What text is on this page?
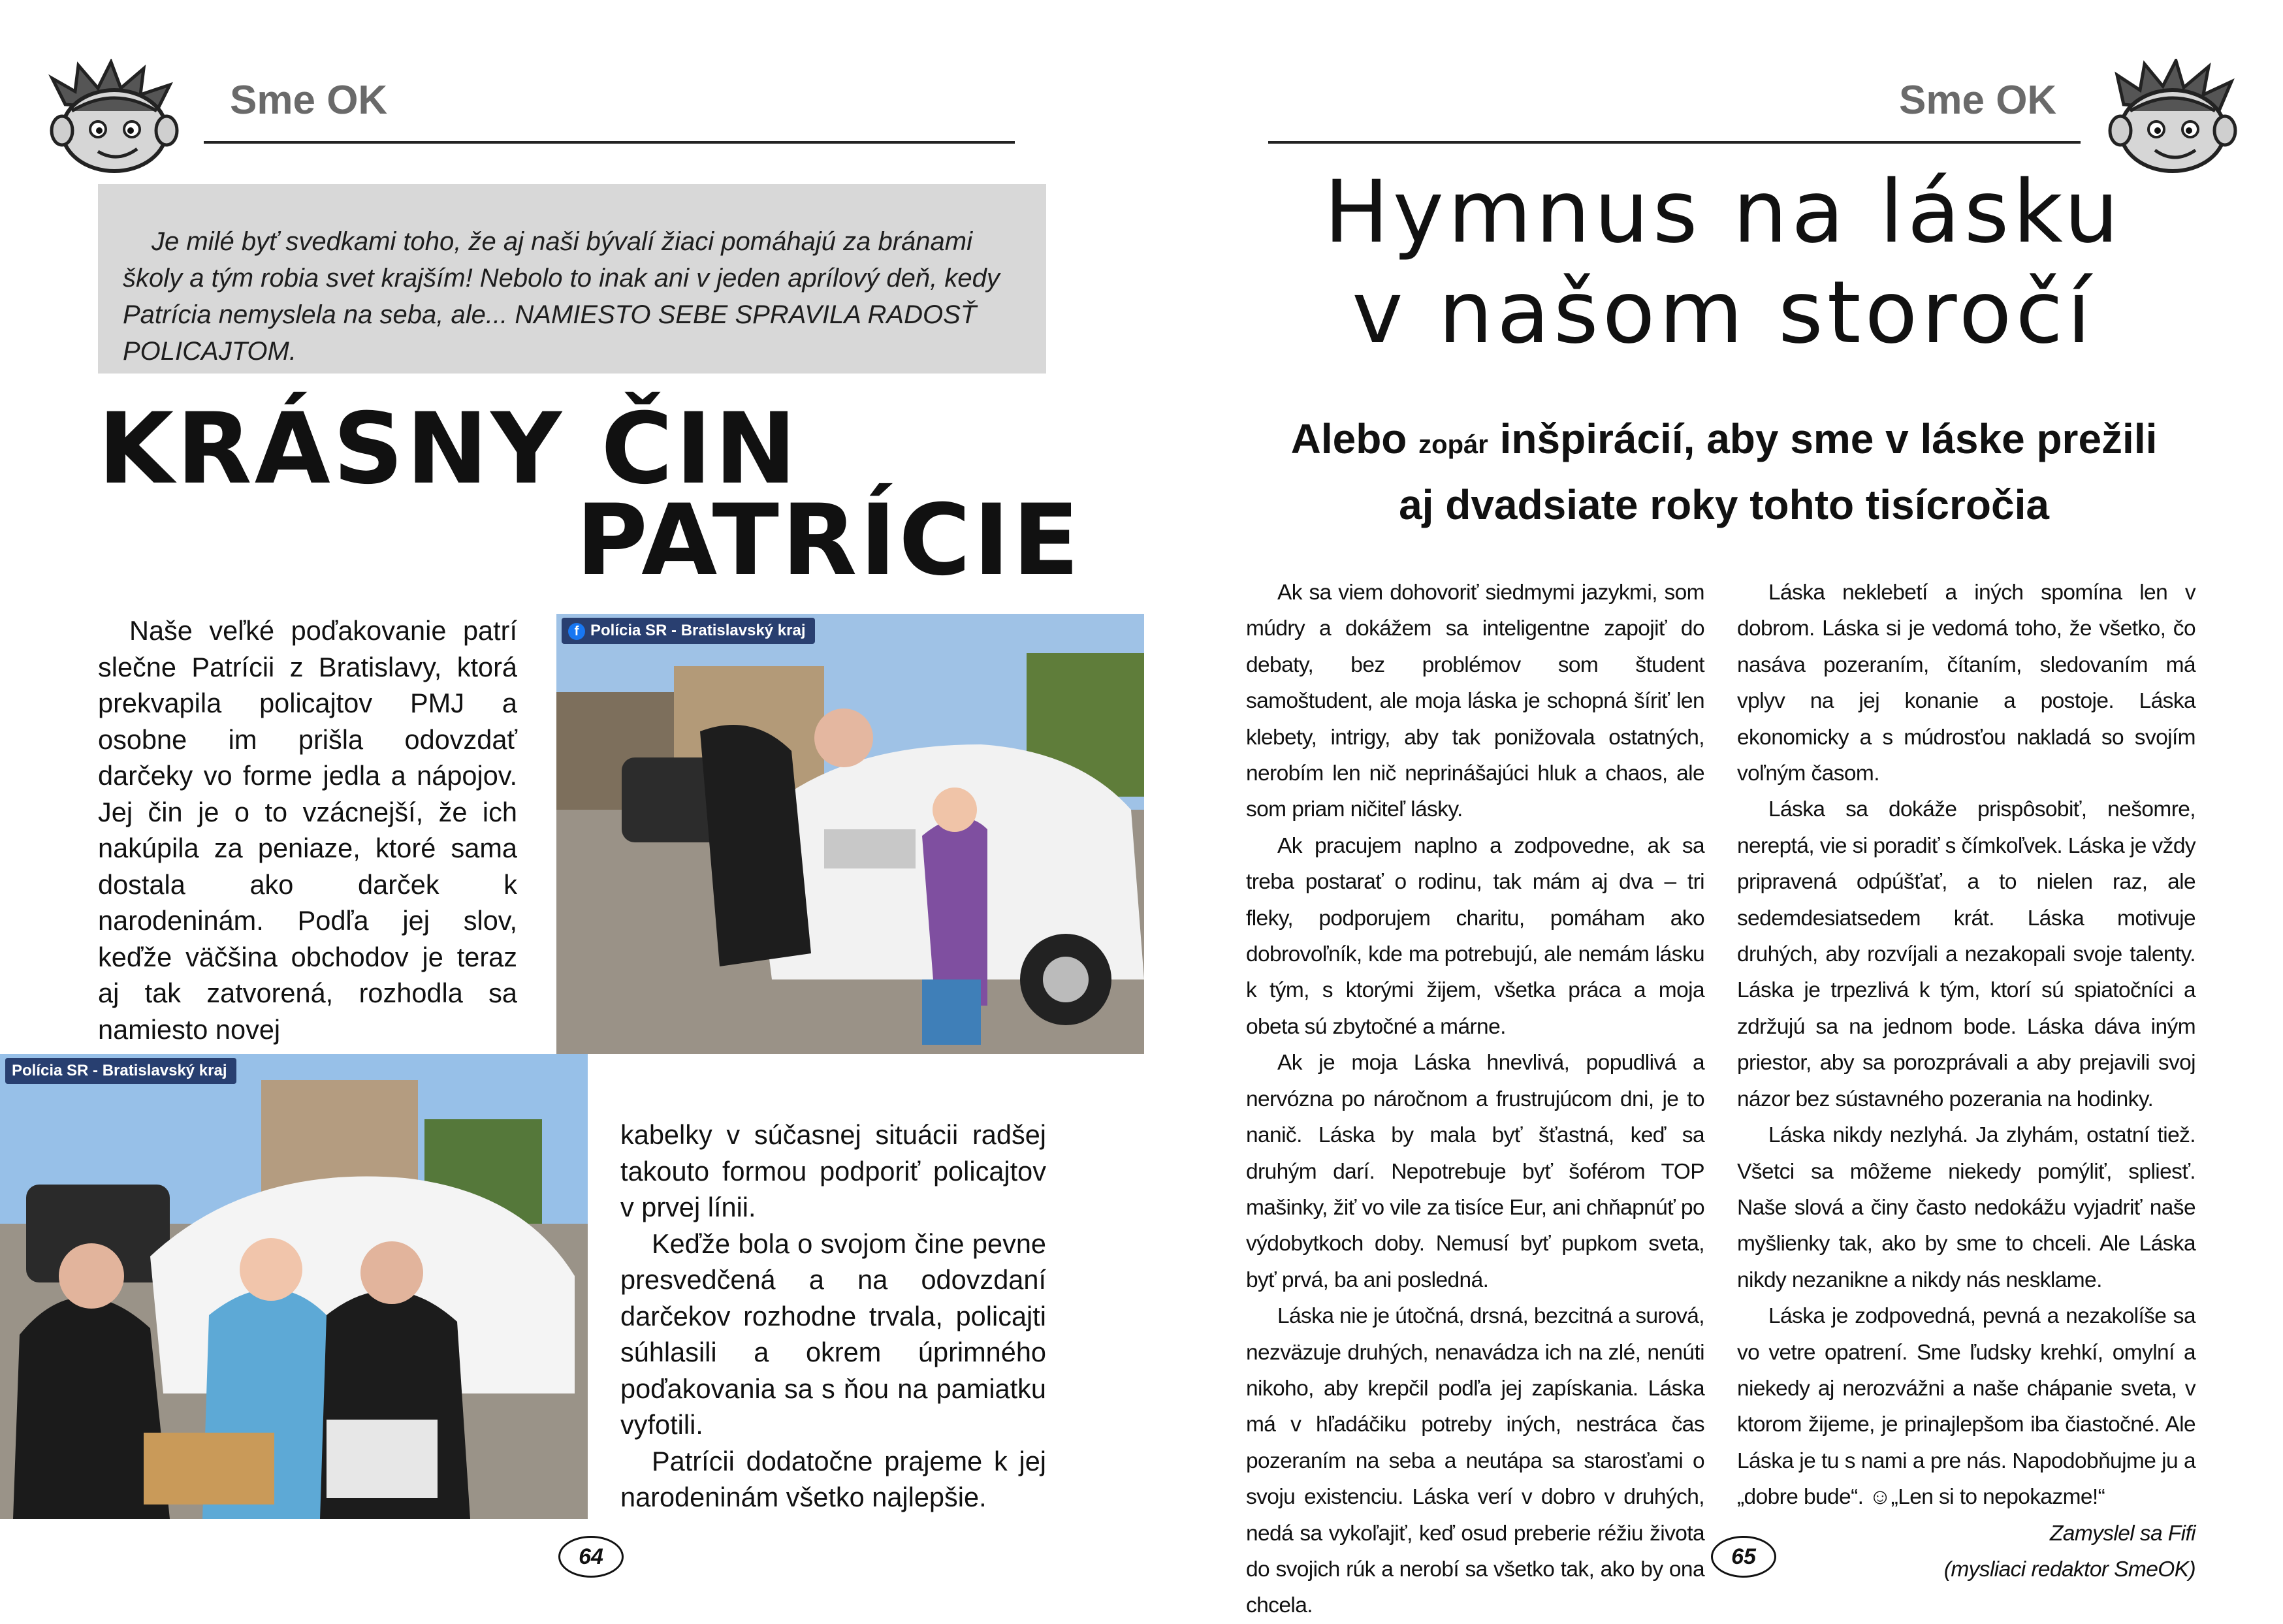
Sme OK

Je milé byť svedkami toho, že aj naši bývalí žiaci pomáhajú za bránami školy a tým robia svet krajším! Nebolo to inak ani v jeden aprílový deň, kedy Patrícia nemyslela na seba, ale... NAMIESTO SEBE SPRAVILA RADOSŤ POLICAJTOM.

KRÁSNY ČIN
PATRÍCIE

Naše veľké poďakovanie patrí slečne Patrícii z Bratislavy, ktorá prekvapila policajtov PMJ a osobne im prišla odovzdať darčeky vo forme jedla a nápojov. Jej čin je o to vzácnejší, že ich nakúpila za peniaze, ktoré sama dostala ako darček k narodeninám. Podľa jej slov, keďže väčšina obchodov je teraz aj tak zatvorená, rozhodla sa namiesto novej

f Polícia SR - Bratislavský kraj
Polícia SR - Bratislavský kraj

kabelky v súčasnej situácii radšej takouto formou podporiť policajtov v prvej línii.

Keďže bola o svojom čine pevne presvedčená a na odovzdaní darčekov rozhodne trvala, policajti súhlasili a okrem úprimného poďakovania sa s ňou na pamiatku vyfotili.

Patrícii dodatočne prajeme k jej narodeninám všetko najlepšie.

64
Sme OK
Hymnus na lásku
v našom storočí
Alebo zopár inšpirácií, aby sme v láske prežili
aj dvadsiate roky tohto tisícročia

Ak sa viem dohovoriť siedmymi jazykmi, som múdry a dokážem sa inteligentne zapojiť do debaty, bez problémov som študent samoštudent, ale moja láska je schopná šíriť len klebety, intrigy, aby tak ponižovala ostatných, nerobím len nič neprinášajúci hluk a chaos, ale som priam ničiteľ lásky.

Ak pracujem naplno a zodpovedne, ak sa treba postarať o rodinu, tak mám aj dva – tri fleky, podporujem charitu, pomáham ako dobrovoľník, kde ma potrebujú, ale nemám lásku k tým, s ktorými žijem, všetka práca a moja obeta sú zbytočné a márne.

Ak je moja Láska hnevlivá, popudlivá a nervózna po náročnom a frustrujúcom dni, je to nanič. Láska by mala byť šťastná, keď sa druhým darí. Nepotrebuje byť šoférom TOP mašinky, žiť vo vile za tisíce Eur, ani chňapnúť po výdobytkoch doby. Nemusí byť pupkom sveta, byť prvá, ba ani posledná.

Láska nie je útočná, drsná, bezcitná a surová, nezväzuje druhých, nenavádza ich na zlé, nenúti nikoho, aby krepčil podľa jej zapískania. Láska má v hľadáčiku potreby iných, nestráca čas pozeraním na seba a neutápa sa starosťami o svoju existenciu. Láska verí v dobro v druhých, nedá sa vykoľajiť, keď osud preberie réžiu života do svojich rúk a nerobí sa všetko tak, ako by ona chcela.

Láska neklebetí a iných spomína len v dobrom. Láska si je vedomá toho, že všetko, čo nasáva pozeraním, čítaním, sledovaním má vplyv na jej konanie a postoje. Láska ekonomicky a s múdrosťou nakladá so svojím voľným časom.

Láska sa dokáže prispôsobiť, nešomre, nereptá, vie si poradiť s čímkoľvek. Láska je vždy pripravená odpúšťať, a to nielen raz, ale sedemdesiatsedem krát. Láska motivuje druhých, aby rozvíjali a nezakopali svoje talenty. Láska je trpezlivá k tým, ktorí sú spiatočníci a zdržujú sa na jednom bode. Láska dáva iným priestor, aby sa porozprávali a aby prejavili svoj názor bez sústavného pozerania na hodinky.

Láska nikdy nezlyhá. Ja zlyhám, ostatní tiež. Všetci sa môžeme niekedy pomýliť, spliesť. Naše slová a činy často nedokážu vyjadriť naše myšlienky tak, ako by sme to chceli. Ale Láska nikdy nezanikne a nikdy nás nesklame.

Láska je zodpovedná, pevná a nezakolíše sa vo vetre opatrení. Sme ľudsky krehkí, omylní a niekedy aj nerozvážni a naše chápanie sveta, v ktorom žijeme, je prinajlepšom iba čiastočné. Ale Láska je tu s nami a pre nás. Napodobňujme ju a „dobre bude“. ☺„Len si to nepokazme!“

Zamyslel sa Fifi
(mysliaci redaktor SmeOK)
65
